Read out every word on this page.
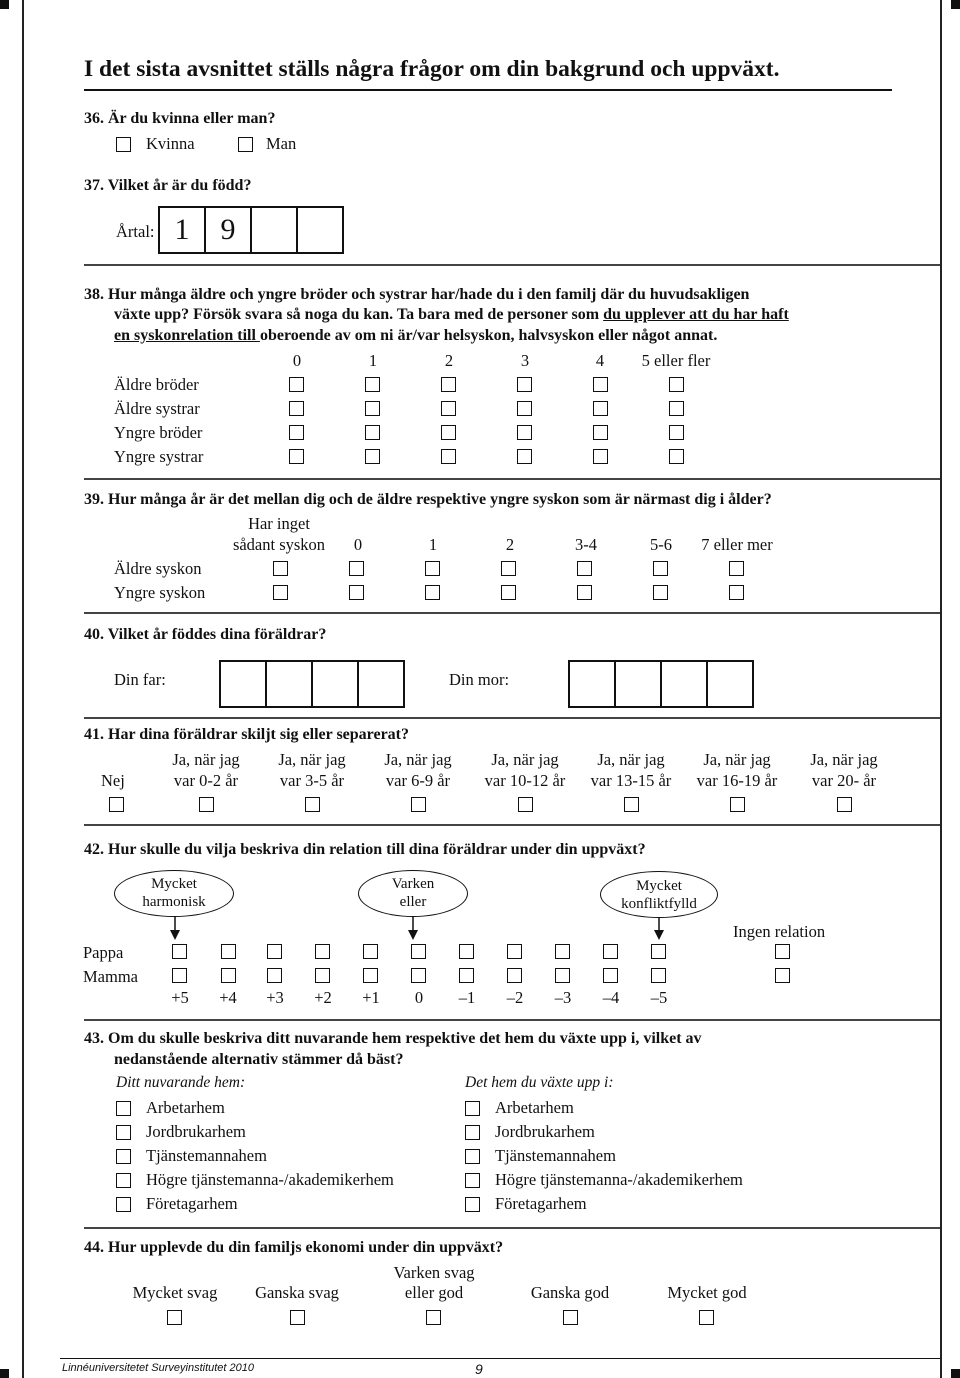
I det sista avsnittet ställs några frågor om din bakgrund och uppväxt.
36. Är du kvinna eller man?
Kvinna	Man
37. Vilket år är du född?
Årtal: 1	9
38. Hur många äldre och yngre bröder och systrar har/hade du i den familj där du huvudsakligen
växte upp? Försök svara så noga du kan. Ta bara med de personer som du upplever att du har haft
en syskonrelation till oberoende av om ni är/var helsyskon, halvsyskon eller något annat.
0	1	2	3	4	5 eller fler
Äldre bröder
Äldre systrar
Yngre bröder
Yngre systrar
39. Hur många år är det mellan dig och de äldre respektive yngre syskon som är närmast dig i ålder?
Har inget
sådant syskon	0	1	2	3-4	5-6	7 eller mer
Äldre syskon
Yngre syskon
40. Vilket år föddes dina föräldrar?
Din far:	Din mor:
41. Har dina föräldrar skiljt sig eller separerat?
Nej
Ja, när jag	Ja, när jag	Ja, när jag	Ja, när jag	Ja, när jag	Ja, när jag	Ja, när jag
var 0-2 år	var 3-5 år	var 6-9 år	var 10-12 år	var 13-15 år	var 16-19 år	var 20- år
42. Hur skulle du vilja beskriva din relation till dina föräldrar under din uppväxt?
Mycket
harmonisk
Varken
eller
Mycket
konfliktfylld
Ingen relation
Pappa
Mamma
+5	+4	+3	+2	+1	0	–1	–2	–3	–4	–5
43. Om du skulle beskriva ditt nuvarande hem respektive det hem du växte upp i, vilket av
nedanstående alternativ stämmer då bäst?
Ditt nuvarande hem:	Det hem du växte upp i:
Arbetarhem
Jordbrukarhem
Tjänstemannahem
Högre tjänstemanna-/akademikerhem
Företagarhem
Arbetarhem
Jordbrukarhem
Tjänstemannahem
Högre tjänstemanna-/akademikerhem
Företagarhem
44. Hur upplevde du din familjs ekonomi under din uppväxt?
Mycket svag	Ganska svag
Varken svag
eller god	Ganska god	Mycket god
Linnéuniversitetet Surveyinstitutet 2010	9
